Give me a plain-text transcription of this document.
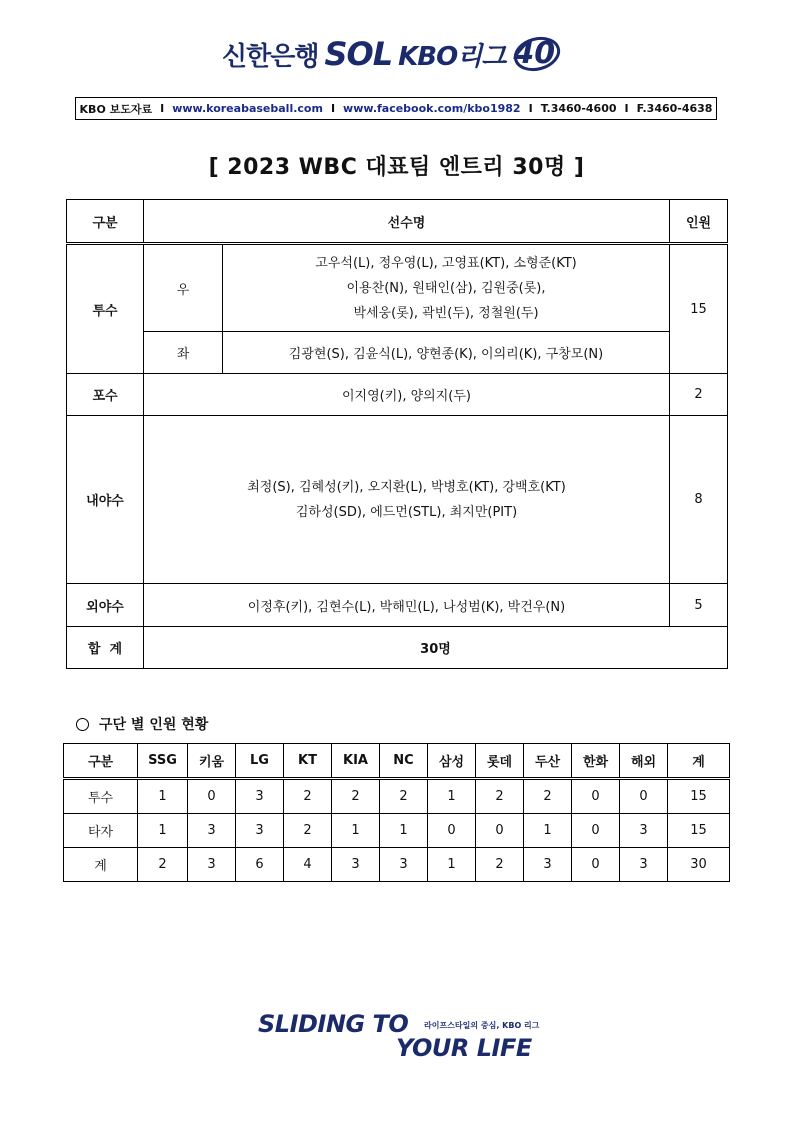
신한은행 SOL KBO리그 40
KBO 보도자료 I www.koreabaseball.com I www.facebook.com/kbo1982 I T.3460-4600 I F.3460-4638
[ 2023 WBC 대표팀 엔트리 30명 ]
구분	선수명		인원
투수	우	고우석(L), 정우영(L), 고영표(KT), 소형준(KT)
이용찬(N), 원태인(삼), 김원중(롯),
박세웅(롯), 곽빈(두), 정철원(두)	15
	좌	김광현(S), 김윤식(L), 양현종(K), 이의리(K), 구창모(N)	
포수	이지영(키), 양의지(두)		2
내야수	최정(S), 김혜성(키), 오지환(L), 박병호(KT), 강백호(KT)
김하성(SD), 에드먼(STL), 최지만(PIT)		8
외야수	이정후(키), 김현수(L), 박해민(L), 나성범(K), 박건우(N)		5
합  계	30명		
구단 별 인원 현황
구분	SSG	키움	LG	KT	KIA	NC	삼성	롯데	두산	한화	해외	계
투수	1	0	3	2	2	2	1	2	2	0	0	15
타자	1	3	3	2	1	1	0	0	1	0	3	15
계	2	3	6	4	3	3	1	2	3	0	3	30
SLIDING TO 라이프스타일의 중심, KBO 리그
YOUR LIFE
